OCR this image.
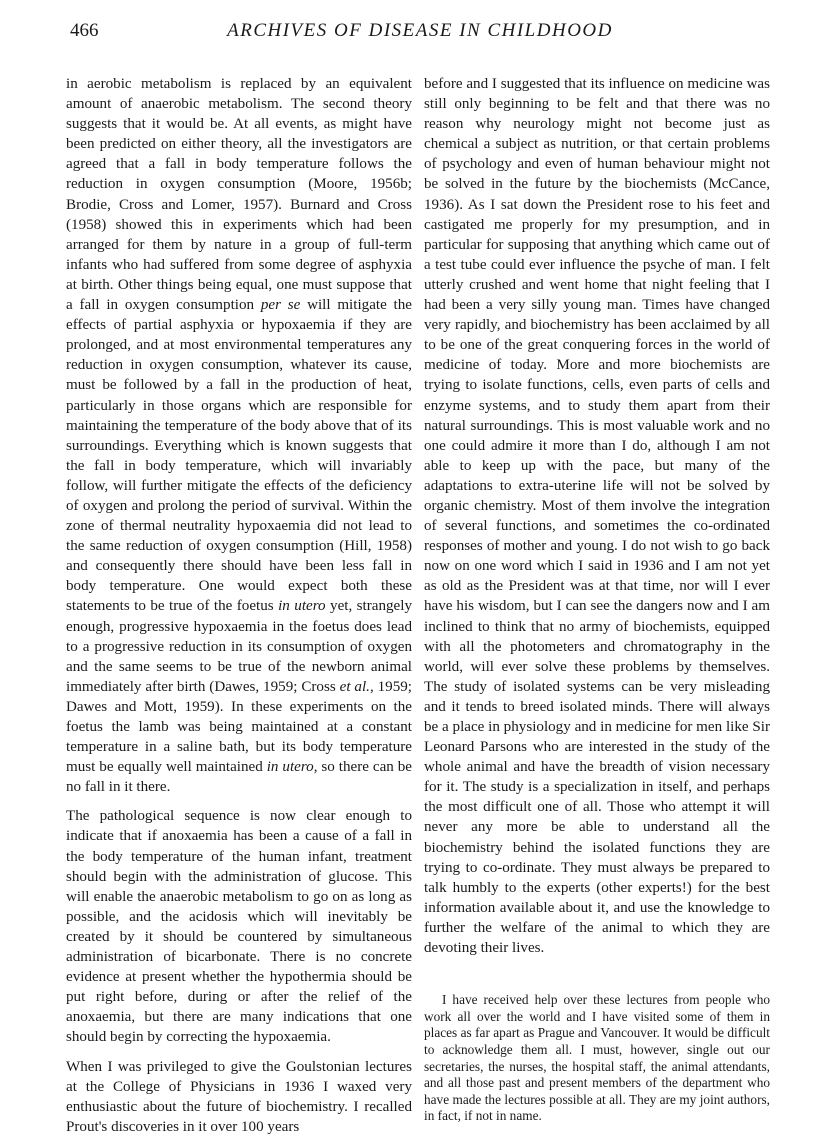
466	ARCHIVES OF DISEASE IN CHILDHOOD

in aerobic metabolism is replaced by an equivalent amount of anaerobic metabolism. The second theory suggests that it would be. At all events, as might have been predicted on either theory, all the investigators are agreed that a fall in body temperature follows the reduction in oxygen consumption (Moore, 1956b; Brodie, Cross and Lomer, 1957). Burnard and Cross (1958) showed this in experiments which had been arranged for them by nature in a group of full-term infants who had suffered from some degree of asphyxia at birth. Other things being equal, one must suppose that a fall in oxygen consumption per se will mitigate the effects of partial asphyxia or hypoxaemia if they are prolonged, and at most environmental temperatures any reduction in oxygen consumption, whatever its cause, must be followed by a fall in the production of heat, particularly in those organs which are responsible for maintaining the temperature of the body above that of its surroundings. Everything which is known suggests that the fall in body temperature, which will invariably follow, will further mitigate the effects of the deficiency of oxygen and prolong the period of survival. Within the zone of thermal neutrality hypoxaemia did not lead to the same reduction of oxygen consumption (Hill, 1958) and consequently there should have been less fall in body temperature. One would expect both these statements to be true of the foetus in utero yet, strangely enough, progressive hypoxaemia in the foetus does lead to a progressive reduction in its consumption of oxygen and the same seems to be true of the newborn animal immediately after birth (Dawes, 1959; Cross et al., 1959; Dawes and Mott, 1959). In these experiments on the foetus the lamb was being maintained at a constant temperature in a saline bath, but its body temperature must be equally well maintained in utero, so there can be no fall in it there.

The pathological sequence is now clear enough to indicate that if anoxaemia has been a cause of a fall in the body temperature of the human infant, treatment should begin with the administration of glucose. This will enable the anaerobic metabolism to go on as long as possible, and the acidosis which will inevitably be created by it should be countered by simultaneous administration of bicarbonate. There is no concrete evidence at present whether the hypothermia should be put right before, during or after the relief of the anoxaemia, but there are many indications that one should begin by correcting the hypoxaemia.

When I was privileged to give the Goulstonian lectures at the College of Physicians in 1936 I waxed very enthusiastic about the future of biochemistry. I recalled Prout's discoveries in it over 100 years

before and I suggested that its influence on medicine was still only beginning to be felt and that there was no reason why neurology might not become just as chemical a subject as nutrition, or that certain problems of psychology and even of human behaviour might not be solved in the future by the biochemists (McCance, 1936). As I sat down the President rose to his feet and castigated me properly for my presumption, and in particular for supposing that anything which came out of a test tube could ever influence the psyche of man. I felt utterly crushed and went home that night feeling that I had been a very silly young man. Times have changed very rapidly, and biochemistry has been acclaimed by all to be one of the great conquering forces in the world of medicine of today. More and more biochemists are trying to isolate functions, cells, even parts of cells and enzyme systems, and to study them apart from their natural surroundings. This is most valuable work and no one could admire it more than I do, although I am not able to keep up with the pace, but many of the adaptations to extra-uterine life will not be solved by organic chemistry. Most of them involve the integration of several functions, and sometimes the co-ordinated responses of mother and young. I do not wish to go back now on one word which I said in 1936 and I am not yet as old as the President was at that time, nor will I ever have his wisdom, but I can see the dangers now and I am inclined to think that no army of biochemists, equipped with all the photometers and chromatography in the world, will ever solve these problems by themselves. The study of isolated systems can be very misleading and it tends to breed isolated minds. There will always be a place in physiology and in medicine for men like Sir Leonard Parsons who are interested in the study of the whole animal and have the breadth of vision necessary for it. The study is a specialization in itself, and perhaps the most difficult one of all. Those who attempt it will never any more be able to understand all the biochemistry behind the isolated functions they are trying to co-ordinate. They must always be prepared to talk humbly to the experts (other experts!) for the best information available about it, and use the knowledge to further the welfare of the animal to which they are devoting their lives.

I have received help over these lectures from people who work all over the world and I have visited some of them in places as far apart as Prague and Vancouver. It would be difficult to acknowledge them all. I must, however, single out our secretaries, the nurses, the hospital staff, the animal attendants, and all those past and present members of the department who have made the lectures possible at all. They are my joint authors, in fact, if not in name.
